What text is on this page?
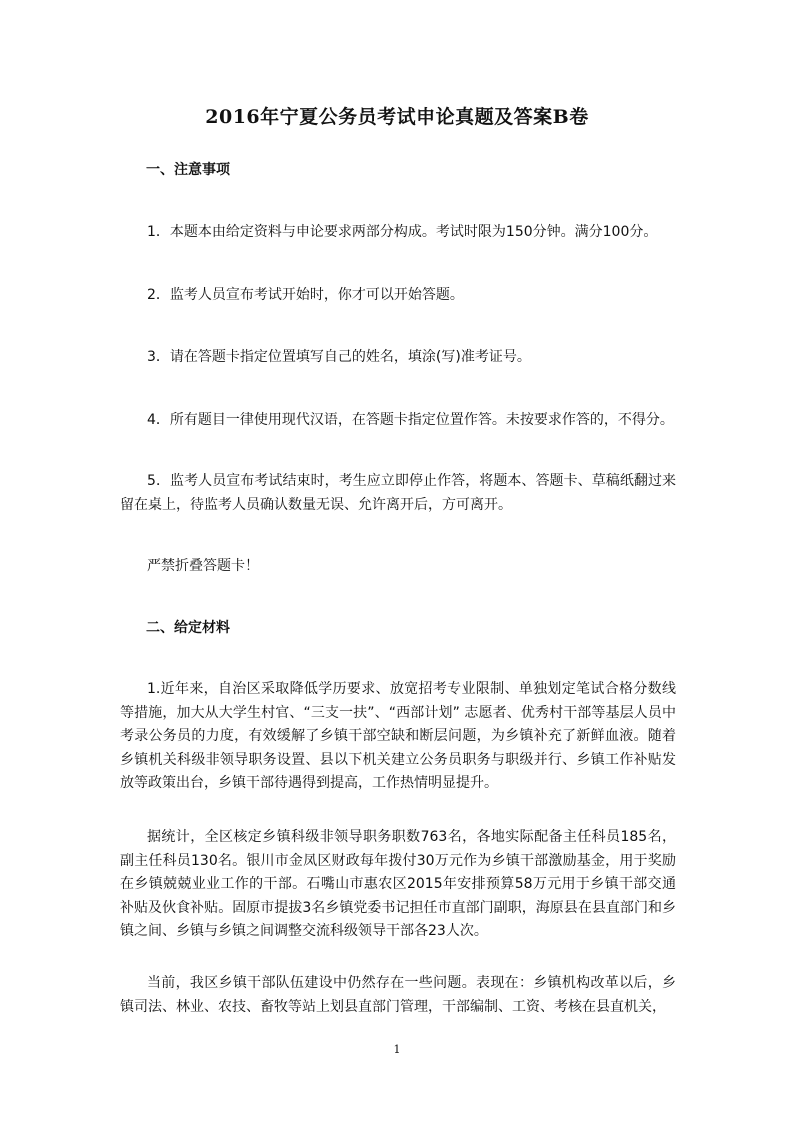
2016年宁夏公务员考试申论真题及答案B卷
一、注意事项
1．本题本由给定资料与申论要求两部分构成。考试时限为150分钟。满分100分。
2．监考人员宣布考试开始时，你才可以开始答题。
3．请在答题卡指定位置填写自己的姓名，填涂(写)准考证号。
4．所有题目一律使用现代汉语，在答题卡指定位置作答。未按要求作答的，不得分。
5．监考人员宣布考试结束时，考生应立即停止作答，将题本、答题卡、草稿纸翻过来留在桌上，待监考人员确认数量无误、允许离开后，方可离开。
严禁折叠答题卡！
二、给定材料
1.近年来，自治区采取降低学历要求、放宽招考专业限制、单独划定笔试合格分数线等措施，加大从大学生村官、“三支一扶”、“西部计划” 志愿者、优秀村干部等基层人员中考录公务员的力度，有效缓解了乡镇干部空缺和断层问题，为乡镇补充了新鲜血液。随着乡镇机关科级非领导职务设置、县以下机关建立公务员职务与职级并行、乡镇工作补贴发放等政策出台，乡镇干部待遇得到提高，工作热情明显提升。
据统计，全区核定乡镇科级非领导职务职数763名，各地实际配备主任科员185名，副主任科员130名。银川市金凤区财政每年拨付30万元作为乡镇干部激励基金，用于奖励在乡镇兢兢业业工作的干部。石嘴山市惠农区2015年安排预算58万元用于乡镇干部交通补贴及伙食补贴。固原市提拔3名乡镇党委书记担任市直部门副职，海原县在县直部门和乡镇之间、乡镇与乡镇之间调整交流科级领导干部各23人次。
当前，我区乡镇干部队伍建设中仍然存在一些问题。表现在：乡镇机构改革以后，乡镇司法、林业、农技、畜牧等站上划县直部门管理，干部编制、工资、考核在县直机关，
1
